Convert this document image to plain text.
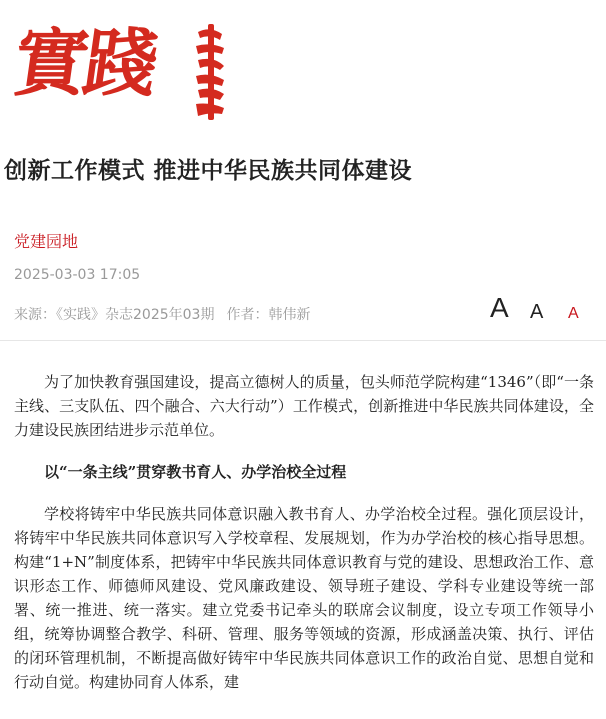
實踐
创新工作模式 推进中华民族共同体建设
党建园地
2025-03-03 17:05
来源：《实践》杂志2025年03期 作者：韩伟新	A A A

为了加快教育强国建设，提高立德树人的质量，包头师范学院构建“1346”（即“一条主线、三支队伍、四个融合、六大行动”）工作模式，创新推进中华民族共同体建设，全力建设民族团结进步示范单位。

以“一条主线”贯穿教书育人、办学治校全过程

学校将铸牢中华民族共同体意识融入教书育人、办学治校全过程。强化顶层设计，将铸牢中华民族共同体意识写入学校章程、发展规划，作为办学治校的核心指导思想。构建“1+N”制度体系，把铸牢中华民族共同体意识教育与党的建设、思想政治工作、意识形态工作、师德师风建设、党风廉政建设、领导班子建设、学科专业建设等统一部署、统一推进、统一落实。建立党委书记牵头的联席会议制度，设立专项工作领导小组，统筹协调整合教学、科研、管理、服务等领域的资源，形成涵盖决策、执行、评估的闭环管理机制，不断提高做好铸牢中华民族共同体意识工作的政治自觉、思想自觉和行动自觉。构建协同育人体系，建
